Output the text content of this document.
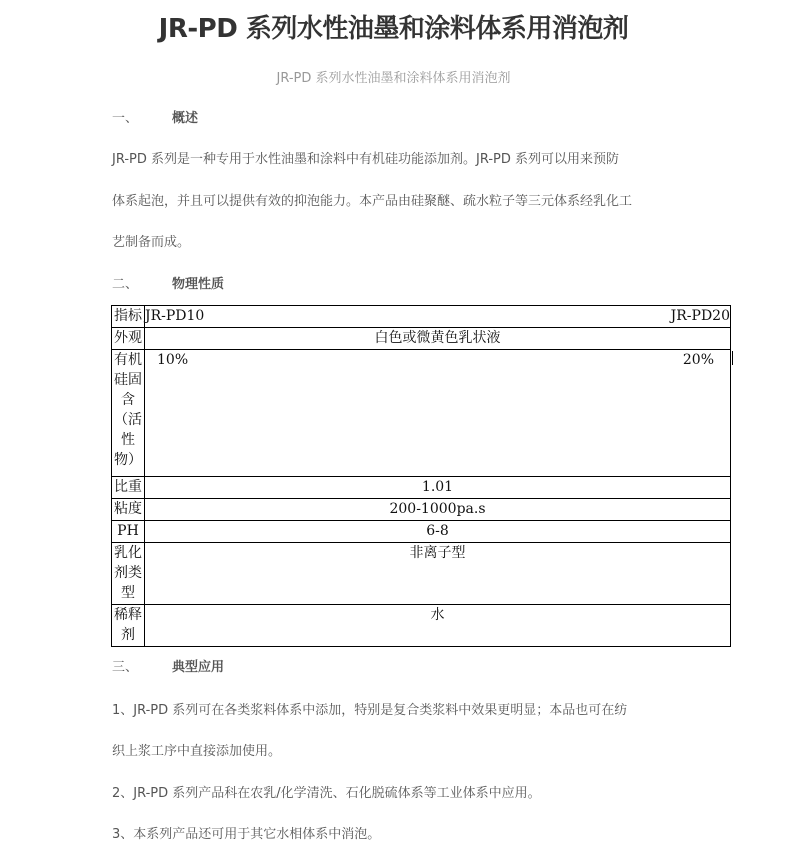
JR-PD 系列水性油墨和涂料体系用消泡剂
JR-PD 系列水性油墨和涂料体系用消泡剂
一、	概述
JR-PD 系列是一种专用于水性油墨和涂料中有机硅功能添加剂。JR-PD 系列可以用来预防
体系起泡，并且可以提供有效的抑泡能力。本产品由硅聚醚、疏水粒子等三元体系经乳化工
艺制备而成。
二、	物理性质
指标	JR-PD10 JR-PD20

外观	白色或微黄色乳状液
有机硅固含（活性物）	10% 20%

比重	1.01
粘度	200-1000pa.s
PH	6-8
乳化剂类型	非离子型
稀释剂	水
三、	典型应用
1、JR-PD 系列可在各类浆料体系中添加，特别是复合类浆料中效果更明显；本品也可在纺
织上浆工序中直接添加使用。
2、JR-PD 系列产品科在农乳/化学清洗、石化脱硫体系等工业体系中应用。
3、本系列产品还可用于其它水相体系中消泡。
